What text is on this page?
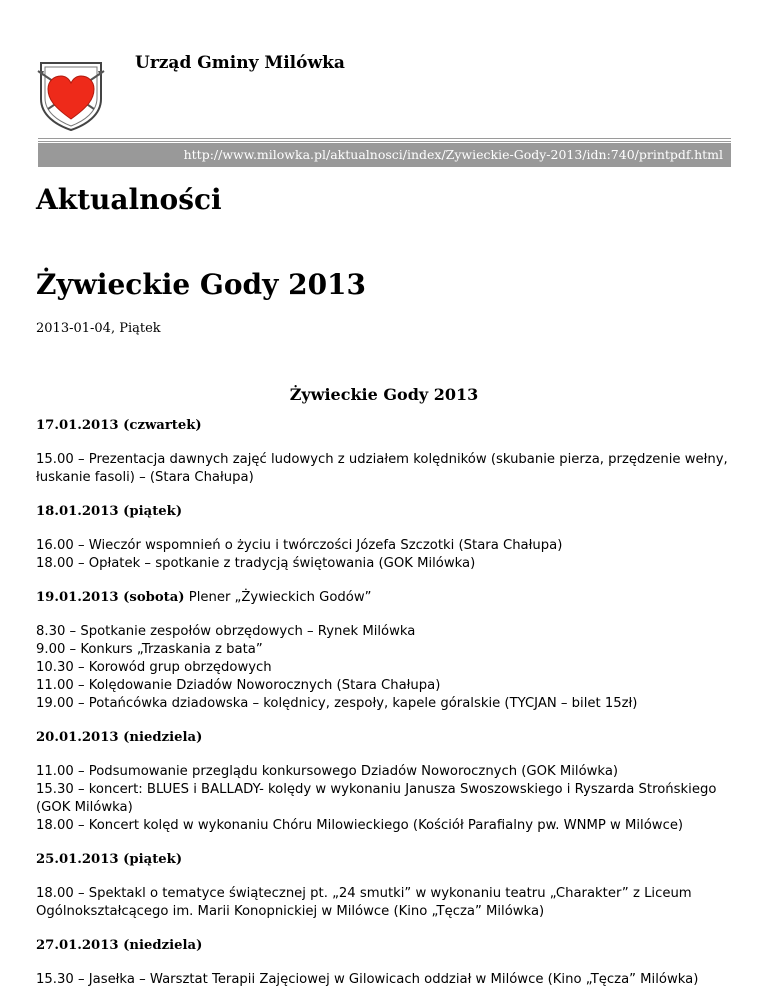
Urząd Gminy Milówka
http://www.milowka.pl/aktualnosci/index/Zywieckie-Gody-2013/idn:740/printpdf.html
Aktualności
Żywieckie Gody 2013
2013-01-04, Piątek
Żywieckie Gody 2013

17.01.2013 (czwartek)

15.00 – Prezentacja dawnych zajęć ludowych z udziałem kolędników (skubanie pierza, przędzenie wełny, łuskanie fasoli) – (Stara Chałupa)

18.01.2013 (piątek)

16.00 – Wieczór wspomnień o życiu i twórczości Józefa Szczotki (Stara Chałupa)
18.00 – Opłatek – spotkanie z tradycją świętowania (GOK Milówka)

19.01.2013 (sobota) Plener „Żywieckich Godów”

8.30 – Spotkanie zespołów obrzędowych – Rynek Milówka
9.00 – Konkurs „Trzaskania z bata”
10.30 – Korowód grup obrzędowych
11.00 – Kolędowanie Dziadów Noworocznych (Stara Chałupa)
19.00 – Potańcówka dziadowska – kolędnicy, zespoły, kapele góralskie (TYCJAN – bilet 15zł)

20.01.2013 (niedziela)

11.00 – Podsumowanie przeglądu konkursowego Dziadów Noworocznych (GOK Milówka)
15.30 – koncert: BLUES i BALLADY- kolędy w wykonaniu Janusza Swoszowskiego i Ryszarda Strońskiego (GOK Milówka)
18.00 – Koncert kolęd w wykonaniu Chóru Milowieckiego (Kościół Parafialny pw. WNMP w Milówce)

25.01.2013 (piątek)

18.00 – Spektakl o tematyce świątecznej pt. „24 smutki” w wykonaniu teatru „Charakter” z Liceum Ogólnokształcącego im. Marii Konopnickiej w Milówce (Kino „Tęcza” Milówka)

27.01.2013 (niedziela)

15.30 – Jasełka – Warsztat Terapii Zajęciowej w Gilowicach oddział w Milówce (Kino „Tęcza” Milówka)
